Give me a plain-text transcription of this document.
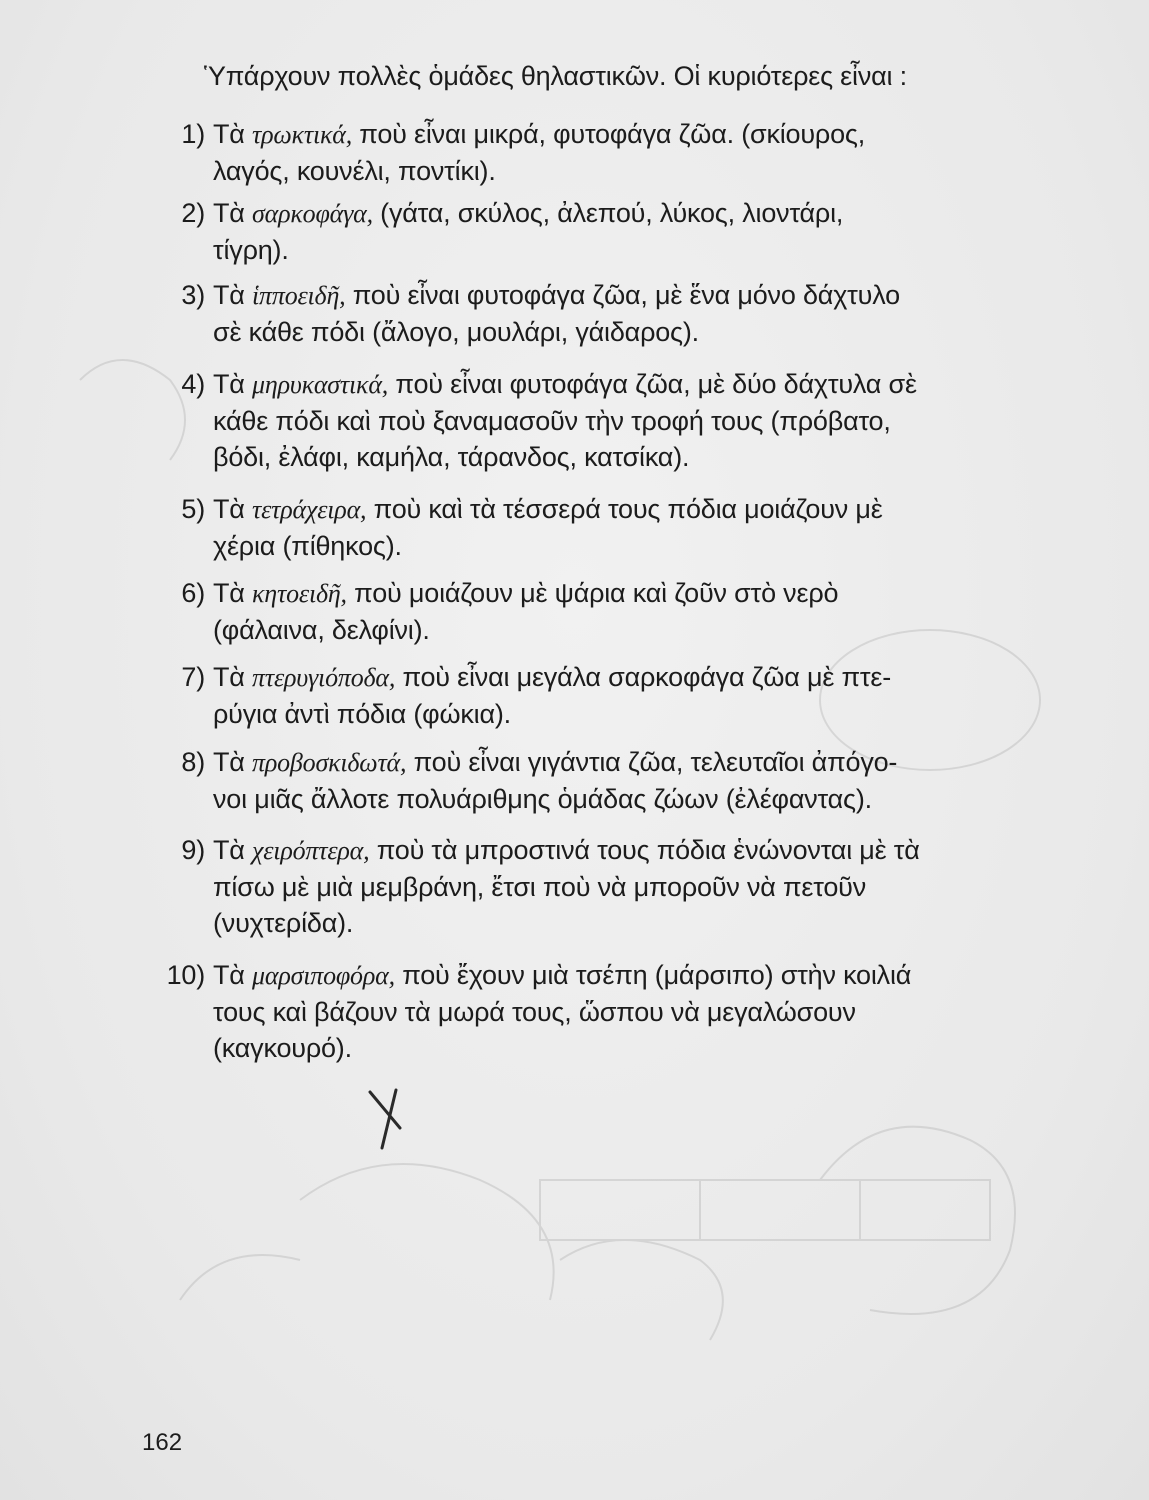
Ὑπάρχουν πολλὲς ὁμάδες θηλαστικῶν. Οἱ κυριότερες εἶναι :
1) Τὰ τρωκτικά, ποὺ εἶναι μικρά, φυτοφάγα ζῶα. (σκίουρος,
λαγός, κουνέλι, ποντίκι).
2) Τὰ σαρκοφάγα, (γάτα, σκύλος, ἀλεπού, λύκος, λιοντάρι,
τίγρη).
3) Τὰ ἱπποειδῆ, ποὺ εἶναι φυτοφάγα ζῶα, μὲ ἕνα μόνο δάχτυλο
σὲ κάθε πόδι (ἄλογο, μουλάρι, γάιδαρος).
4) Τὰ μηρυκαστικά, ποὺ εἶναι φυτοφάγα ζῶα, μὲ δύο δάχτυλα σὲ
κάθε πόδι καὶ ποὺ ξαναμασοῦν τὴν τροφή τους (πρόβατο,
βόδι, ἐλάφι, καμήλα, τάρανδος, κατσίκα).
5) Τὰ τετράχειρα, ποὺ καὶ τὰ τέσσερά τους πόδια μοιάζουν μὲ
χέρια (πίθηκος).
6) Τὰ κητοειδῆ, ποὺ μοιάζουν μὲ ψάρια καὶ ζοῦν στὸ νερὸ
(φάλαινα, δελφίνι).
7) Τὰ πτερυγιόποδα, ποὺ εἶναι μεγάλα σαρκοφάγα ζῶα μὲ πτε-
ρύγια ἀντὶ πόδια (φώκια).
8) Τὰ προβοσκιδωτά, ποὺ εἶναι γιγάντια ζῶα, τελευταῖοι ἀπόγο-
νοι μιᾶς ἄλλοτε πολυάριθμης ὁμάδας ζώων (ἐλέφαντας).
9) Τὰ χειρόπτερα, ποὺ τὰ μπροστινά τους πόδια ἑνώνονται μὲ τὰ
πίσω μὲ μιὰ μεμβράνη, ἔτσι ποὺ νὰ μποροῦν νὰ πετοῦν
(νυχτερίδα).
10) Τὰ μαρσιποφόρα, ποὺ ἔχουν μιὰ τσέπη (μάρσιπο) στὴν κοιλιά
τους καὶ βάζουν τὰ μωρά τους, ὥσπου νὰ μεγαλώσουν
(καγκουρό).
162
